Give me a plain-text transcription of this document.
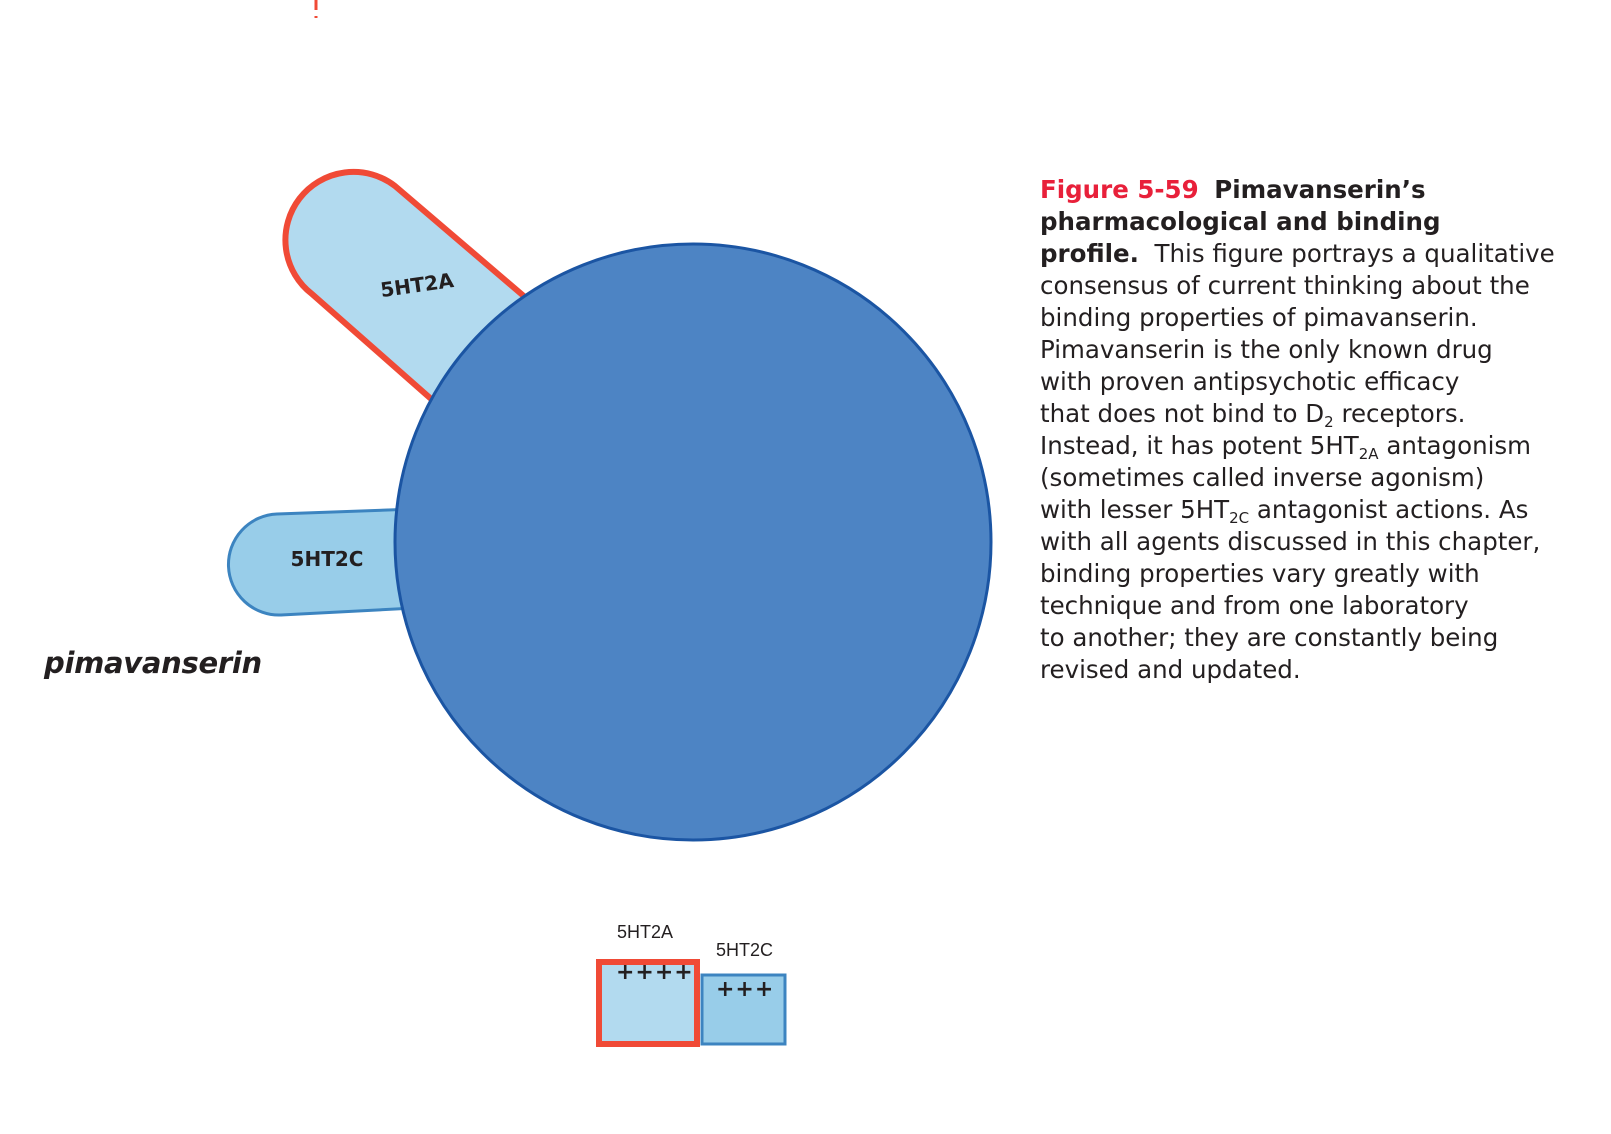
5HT2A
5HT2C
pimavanserin
5HT2A
5HT2C
++++
+++
Figure 5-59 Pimavanserin’s
pharmacological and binding
profile. This figure portrays a qualitative
consensus of current thinking about the
binding properties of pimavanserin.
Pimavanserin is the only known drug
with proven antipsychotic efficacy
that does not bind to $D_2$ receptors.
Instead, it has potent $5HT_{2A}$ antagonism
(sometimes called inverse agonism)
with lesser $5HT_{2C}$ antagonist actions. As
with all agents discussed in this chapter,
binding properties vary greatly with
technique and from one laboratory
to another; they are constantly being
revised and updated.
